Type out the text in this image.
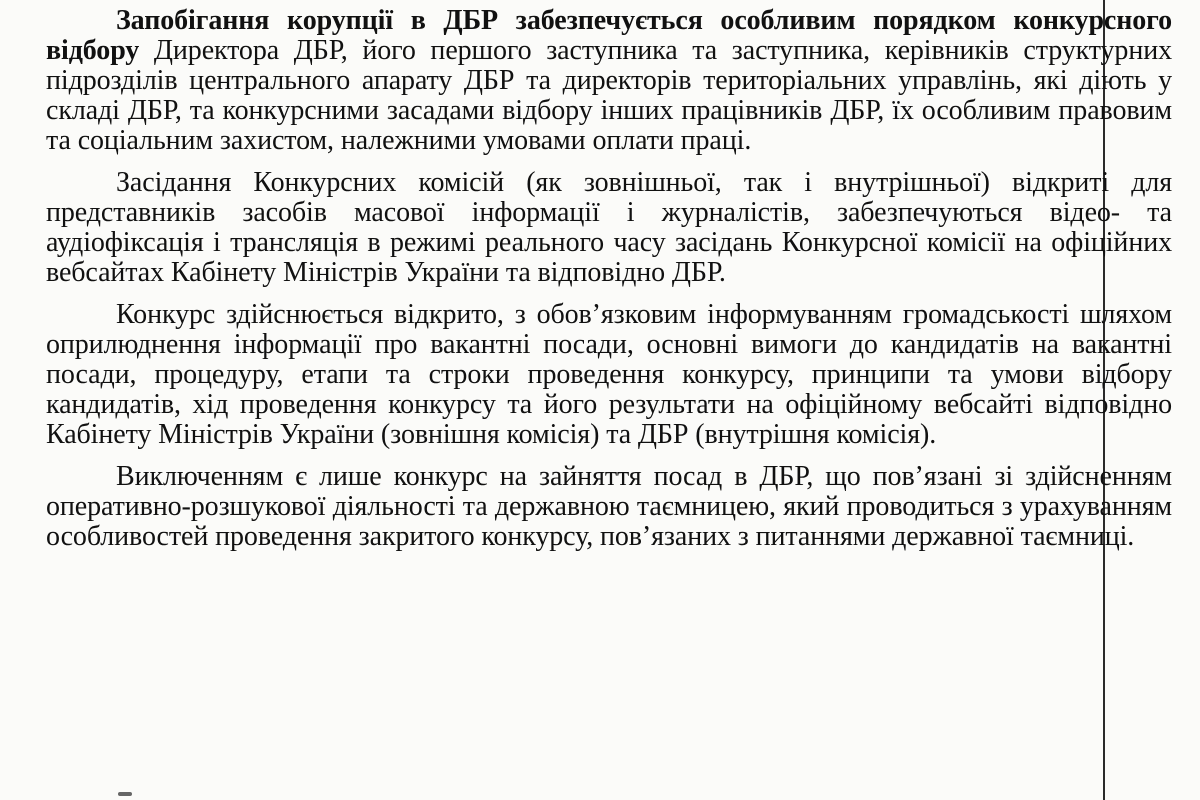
Запобігання корупції в ДБР забезпечується особливим порядком конкурсного відбору Директора ДБР, його першого заступника та заступника, керівників структурних підрозділів центрального апарату ДБР та директорів територіальних управлінь, які діють у складі ДБР, та конкурсними засадами відбору інших працівників ДБР, їх особливим правовим та соціальним захистом, належними умовами оплати праці.

Засідання Конкурсних комісій (як зовнішньої, так і внутрішньої) відкриті для представників засобів масової інформації і журналістів, забезпечуються відео- та аудіофіксація і трансляція в режимі реального часу засідань Конкурсної комісії на офіційних вебсайтах Кабінету Міністрів України та відповідно ДБР.

Конкурс здійснюється відкрито, з обов’язковим інформуванням громадськості шляхом оприлюднення інформації про вакантні посади, основні вимоги до кандидатів на вакантні посади, процедуру, етапи та строки проведення конкурсу, принципи та умови відбору кандидатів, хід проведення конкурсу та його результати на офіційному вебсайті відповідно Кабінету Міністрів України (зовнішня комісія) та ДБР (внутрішня комісія).

Виключенням є лише конкурс на зайняття посад в ДБР, що пов’язані зі здійсненням оперативно-розшукової діяльності та державною таємницею, який проводиться з урахуванням особливостей проведення закритого конкурсу, пов’язаних з питаннями державної таємниці.
